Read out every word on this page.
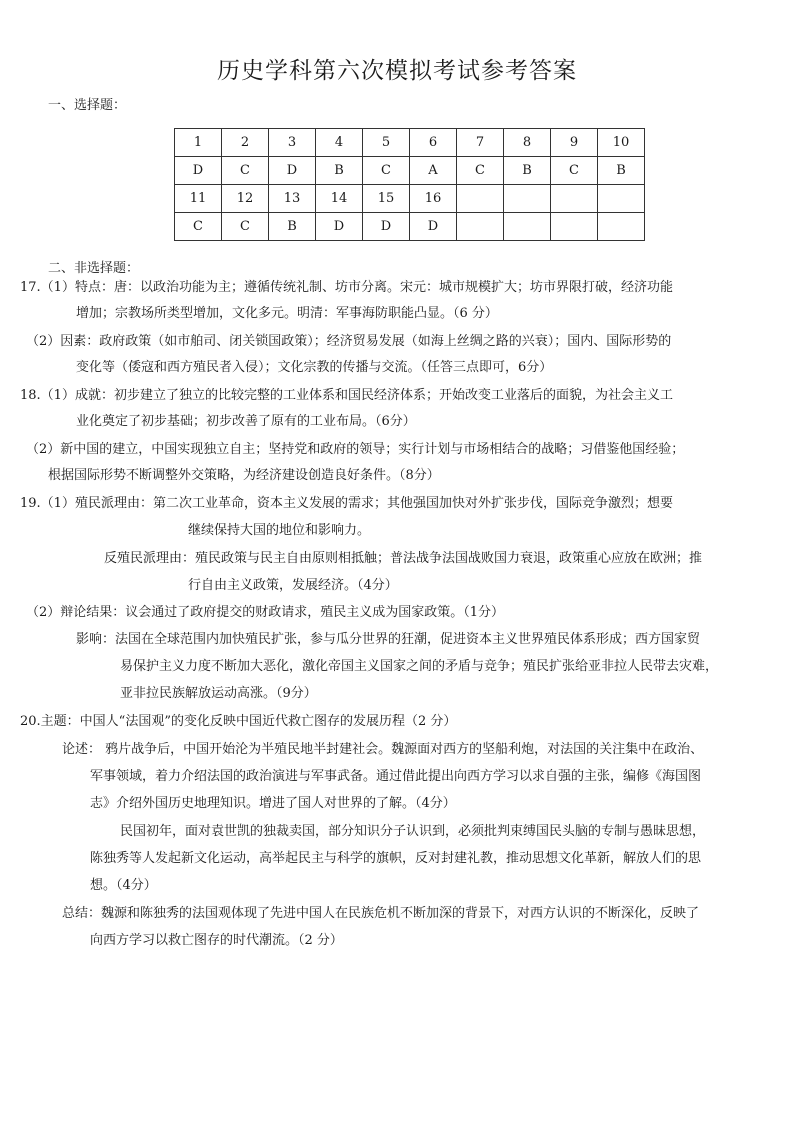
历史学科第六次模拟考试参考答案
一、选择题：
1	2	3	4	5	6	7	8	9	10
D	C	D	B	C	A	C	B	C	B
11	12	13	14	15	16				
C	C	B	D	D	D				
二、非选择题：
17.（1）特点：唐：以政治功能为主；遵循传统礼制、坊市分离。宋元：城市规模扩大；坊市界限打破，经济功能
增加；宗教场所类型增加，文化多元。明清：军事海防职能凸显。（6 分）
（2）因素：政府政策（如市舶司、闭关锁国政策）；经济贸易发展（如海上丝绸之路的兴衰）；国内、国际形势的
变化等（倭寇和西方殖民者入侵）；文化宗教的传播与交流。（任答三点即可，6分）
18.（1）成就：初步建立了独立的比较完整的工业体系和国民经济体系；开始改变工业落后的面貌，为社会主义工
业化奠定了初步基础；初步改善了原有的工业布局。（6分）
（2）新中国的建立，中国实现独立自主；坚持党和政府的领导；实行计划与市场相结合的战略；习借鉴他国经验；
根据国际形势不断调整外交策略，为经济建设创造良好条件。（8分）
19.（1）殖民派理由：第二次工业革命，资本主义发展的需求；其他强国加快对外扩张步伐，国际竞争激烈；想要
继续保持大国的地位和影响力。
反殖民派理由：殖民政策与民主自由原则相抵触；普法战争法国战败国力衰退，政策重心应放在欧洲；推
行自由主义政策，发展经济。（4分）
（2）辩论结果：议会通过了政府提交的财政请求，殖民主义成为国家政策。（1分）
影响：法国在全球范围内加快殖民扩张，参与瓜分世界的狂潮，促进资本主义世界殖民体系形成；西方国家贸
易保护主义力度不断加大恶化，激化帝国主义国家之间的矛盾与竞争；殖民扩张给亚非拉人民带去灾难，
亚非拉民族解放运动高涨。（9分）
20.主题：中国人“法国观”的变化反映中国近代救亡图存的发展历程（2 分）
论述： 鸦片战争后，中国开始沦为半殖民地半封建社会。魏源面对西方的坚船利炮，对法国的关注集中在政治、
军事领域，着力介绍法国的政治演进与军事武备。通过借此提出向西方学习以求自强的主张，编修《海国图
志》介绍外国历史地理知识。增进了国人对世界的了解。（4分）
民国初年，面对袁世凯的独裁卖国，部分知识分子认识到，必须批判束缚国民头脑的专制与愚昧思想，
陈独秀等人发起新文化运动，高举起民主与科学的旗帜，反对封建礼教，推动思想文化革新，解放人们的思
想。（4分）
总结：魏源和陈独秀的法国观体现了先进中国人在民族危机不断加深的背景下，对西方认识的不断深化，反映了
向西方学习以救亡图存的时代潮流。（2 分）
